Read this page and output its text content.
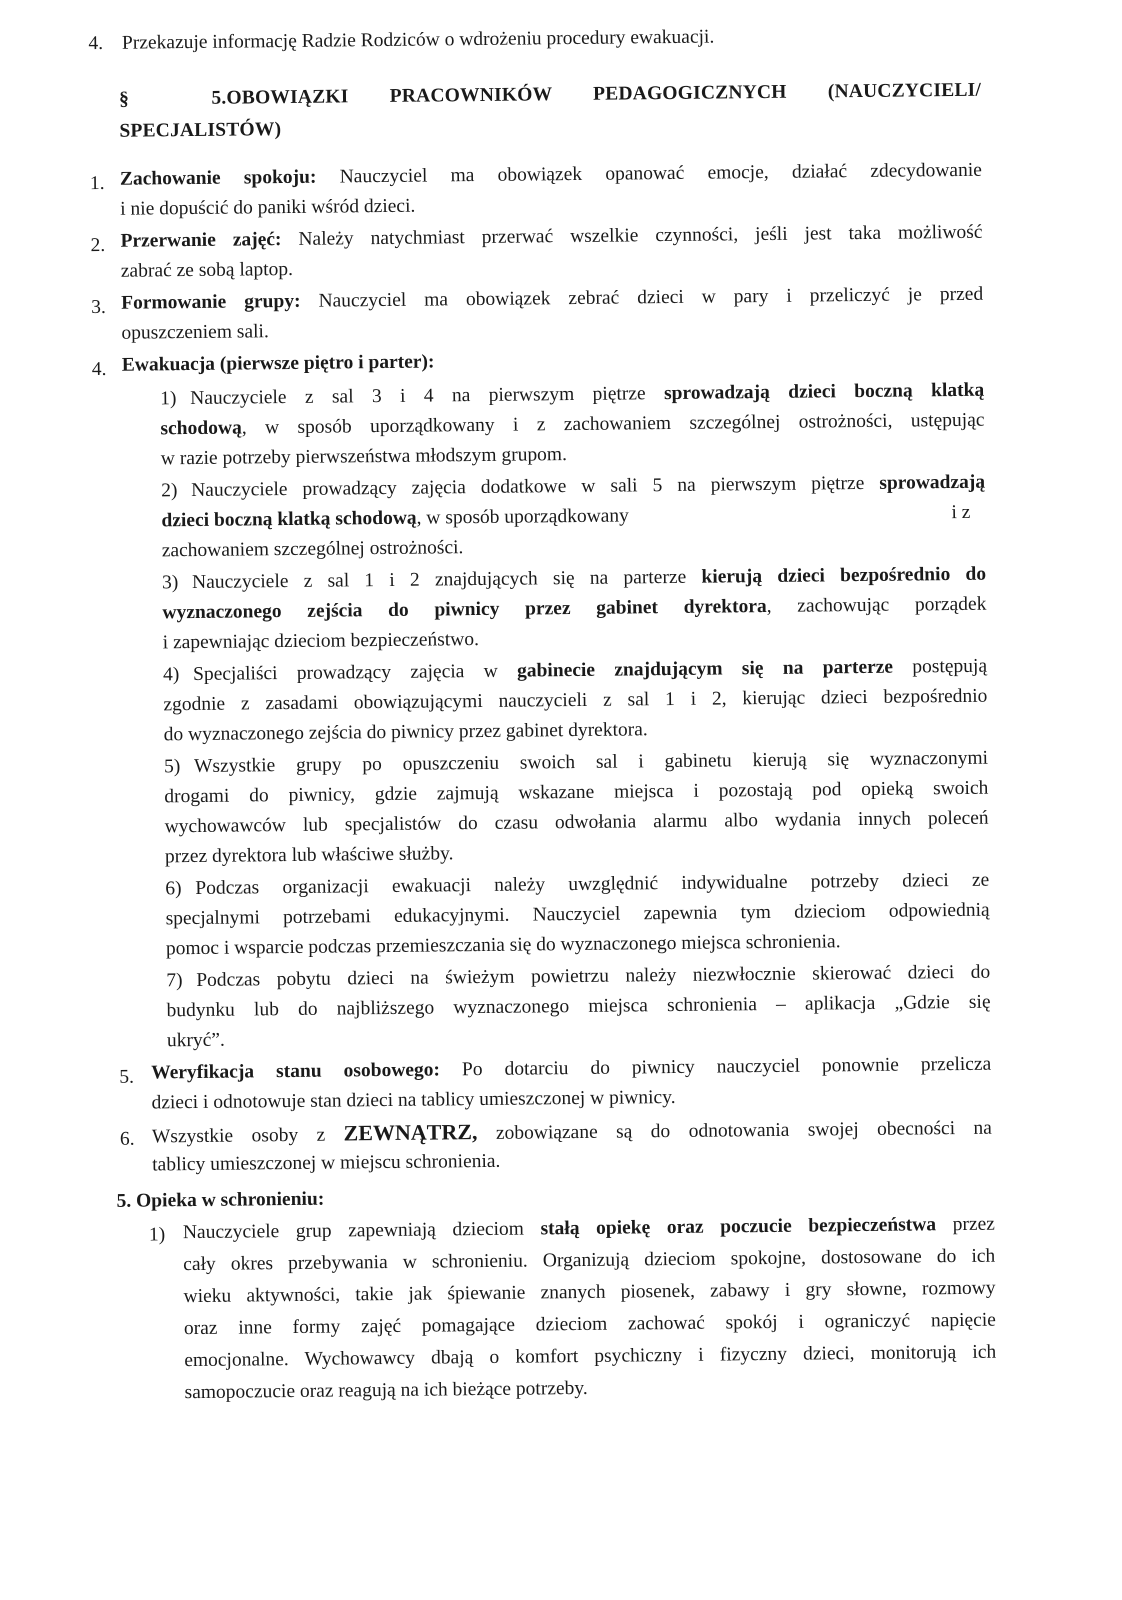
4. Przekazuje informację Radzie Rodziców o wdrożeniu procedury ewakuacji.
§	5.OBOWIĄZKI PRACOWNIKÓW PEDAGOGICZNYCH (NAUCZYCIELI/
SPECJALISTÓW)
1. Zachowanie spokoju: Nauczyciel ma obowiązek opanować emocje, działać zdecydowanie
i nie dopuścić do paniki wśród dzieci.
2. Przerwanie zajęć: Należy natychmiast przerwać wszelkie czynności, jeśli jest taka możliwość
zabrać ze sobą laptop.
3. Formowanie grupy: Nauczyciel ma obowiązek zebrać dzieci w pary i przeliczyć je przed
opuszczeniem sali.
4. Ewakuacja (pierwsze piętro i parter):
1) Nauczyciele z sal 3 i 4 na pierwszym piętrze sprowadzają dzieci boczną klatką
schodową, w sposób uporządkowany i z zachowaniem szczególnej ostrożności, ustępując
w razie potrzeby pierwszeństwa młodszym grupom.
2) Nauczyciele prowadzący zajęcia dodatkowe w sali 5 na pierwszym piętrze sprowadzają
dzieci boczną klatką schodową, w sposób uporządkowany	i z
zachowaniem szczególnej ostrożności.
3) Nauczyciele z sal 1 i 2 znajdujących się na parterze kierują dzieci bezpośrednio do
wyznaczonego zejścia do piwnicy przez gabinet dyrektora, zachowując porządek
i zapewniając dzieciom bezpieczeństwo.
4) Specjaliści prowadzący zajęcia w gabinecie znajdującym się na parterze postępują
zgodnie z zasadami obowiązującymi nauczycieli z sal 1 i 2, kierując dzieci bezpośrednio
do wyznaczonego zejścia do piwnicy przez gabinet dyrektora.
5) Wszystkie grupy po opuszczeniu swoich sal i gabinetu kierują się wyznaczonymi
drogami do piwnicy, gdzie zajmują wskazane miejsca i pozostają pod opieką swoich
wychowawców lub specjalistów do czasu odwołania alarmu albo wydania innych poleceń
przez dyrektora lub właściwe służby.
6) Podczas organizacji ewakuacji należy uwzględnić indywidualne potrzeby dzieci ze
specjalnymi potrzebami edukacyjnymi. Nauczyciel zapewnia tym dzieciom odpowiednią
pomoc i wsparcie podczas przemieszczania się do wyznaczonego miejsca schronienia.
7) Podczas pobytu dzieci na świeżym powietrzu należy niezwłocznie skierować dzieci do
budynku lub do najbliższego wyznaczonego miejsca schronienia – aplikacja „Gdzie się
ukryć”.
5. Weryfikacja stanu osobowego: Po dotarciu do piwnicy nauczyciel ponownie przelicza
dzieci i odnotowuje stan dzieci na tablicy umieszczonej w piwnicy.
6. Wszystkie osoby z ZEWNĄTRZ, zobowiązane są do odnotowania swojej obecności na
tablicy umieszczonej w miejscu schronienia.
5. Opieka w schronieniu:
1) Nauczyciele grup zapewniają dzieciom stałą opiekę oraz poczucie bezpieczeństwa przez
cały okres przebywania w schronieniu. Organizują dzieciom spokojne, dostosowane do ich
wieku aktywności, takie jak śpiewanie znanych piosenek, zabawy i gry słowne, rozmowy
oraz inne formy zajęć pomagające dzieciom zachować spokój i ograniczyć napięcie
emocjonalne. Wychowawcy dbają o komfort psychiczny i fizyczny dzieci, monitorują ich
samopoczucie oraz reagują na ich bieżące potrzeby.
